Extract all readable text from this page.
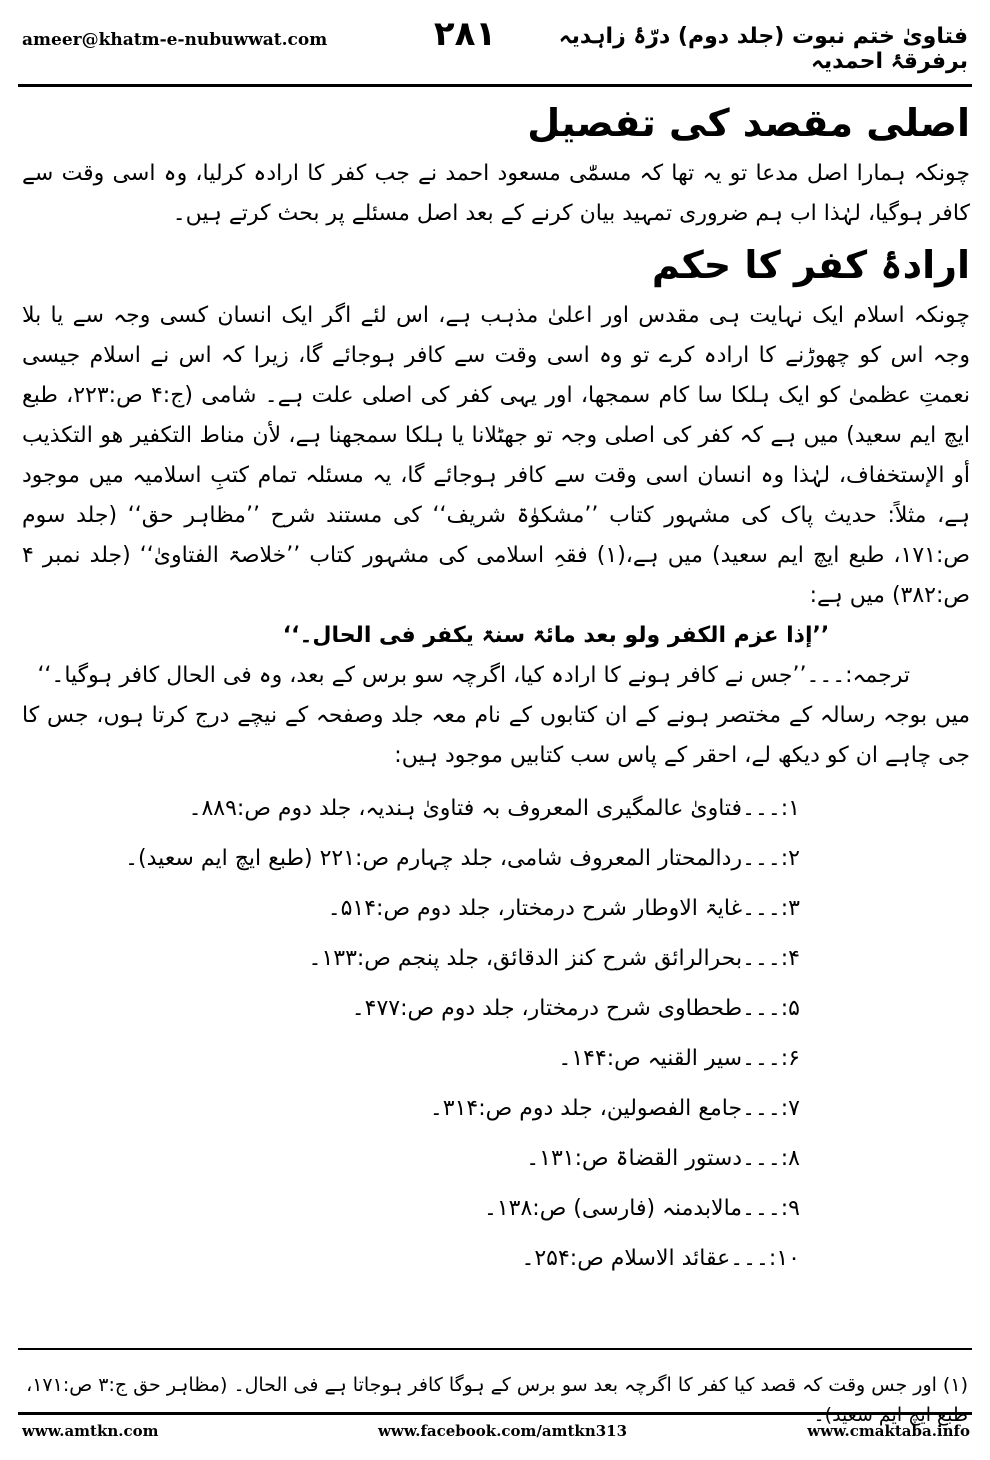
ameer@khatm-e-nubuwwat.com	۲۸۱	فتاویٰ ختم نبوت (جلد دوم) درّۂ زاہدیہ برفرقۂ احمدیہ
اصلی مقصد کی تفصیل

چونکہ ہمارا اصل مدعا تو یہ تھا کہ مسمّٰی مسعود احمد نے جب کفر کا ارادہ کرلیا، وہ اسی وقت سے کافر ہوگیا، لہٰذا اب ہم ضروری تمہید بیان کرنے کے بعد اصل مسئلے پر بحث کرتے ہیں۔

ارادۂ کفر کا حکم

چونکہ اسلام ایک نہایت ہی مقدس اور اعلیٰ مذہب ہے، اس لئے اگر ایک انسان کسی وجہ سے یا بلا وجہ اس کو چھوڑنے کا ارادہ کرے تو وہ اسی وقت سے کافر ہوجائے گا، زیرا کہ اس نے اسلام جیسی نعمتِ عظمیٰ کو ایک ہلکا سا کام سمجھا، اور یہی کفر کی اصلی علت ہے۔ شامی (ج:۴ ص:۲۲۳، طبع ایچ ایم سعید) میں ہے کہ کفر کی اصلی وجہ تو جھٹلانا یا ہلکا سمجھنا ہے، لأن مناط التکفیر ھو التکذیب أو الإستخفاف، لہٰذا وہ انسان اسی وقت سے کافر ہوجائے گا، یہ مسئلہ تمام کتبِ اسلامیہ میں موجود ہے، مثلاً: حدیث پاک کی مشہور کتاب ’’مشکوٰۃ شریف‘‘ کی مستند شرح ’’مظاہر حق‘‘ (جلد سوم ص:۱۷۱، طبع ایچ ایم سعید) میں ہے،(۱) فقہِ اسلامی کی مشہور کتاب ’’خلاصۃ الفتاویٰ‘‘ (جلد نمبر ۴ ص:۳۸۲) میں ہے:

’’إذا عزم الکفر ولو بعد مائۃ سنۃ یکفر فی الحال۔‘‘

ترجمہ:۔۔۔’’جس نے کافر ہونے کا ارادہ کیا، اگرچہ سو برس کے بعد، وہ فی الحال کافر ہوگیا۔‘‘

میں بوجہ رسالہ کے مختصر ہونے کے ان کتابوں کے نام معہ جلد وصفحہ کے نیچے درج کرتا ہوں، جس کا جی چاہے ان کو دیکھ لے، احقر کے پاس سب کتابیں موجود ہیں:

۱:۔۔۔فتاویٰ عالمگیری المعروف بہ فتاویٰ ہندیہ، جلد دوم ص:۸۸۹۔
۲:۔۔۔ردالمحتار المعروف شامی، جلد چہارم ص:۲۲۱ (طبع ایچ ایم سعید)۔
۳:۔۔۔غایۃ الاوطار شرح درمختار، جلد دوم ص:۵۱۴۔
۴:۔۔۔بحرالرائق شرح کنز الدقائق، جلد پنجم ص:۱۳۳۔
۵:۔۔۔طحطاوی شرح درمختار، جلد دوم ص:۴۷۷۔
۶:۔۔۔سیر القنیہ ص:۱۴۴۔
۷:۔۔۔جامع الفصولین، جلد دوم ص:۳۱۴۔
۸:۔۔۔دستور القضاۃ ص:۱۳۱۔
۹:۔۔۔مالابدمنہ (فارسی) ص:۱۳۸۔
۱۰:۔۔۔عقائد الاسلام ص:۲۵۴۔
(۱) اور جس وقت کہ قصد کیا کفر کا اگرچہ بعد سو برس کے ہوگا کافر ہوجاتا ہے فی الحال۔ (مظاہر حق ج:۳ ص:۱۷۱، طبع ایچ ایم سعید)۔
www.amtkn.com	www.facebook.com/amtkn313	www.cmaktaba.info
